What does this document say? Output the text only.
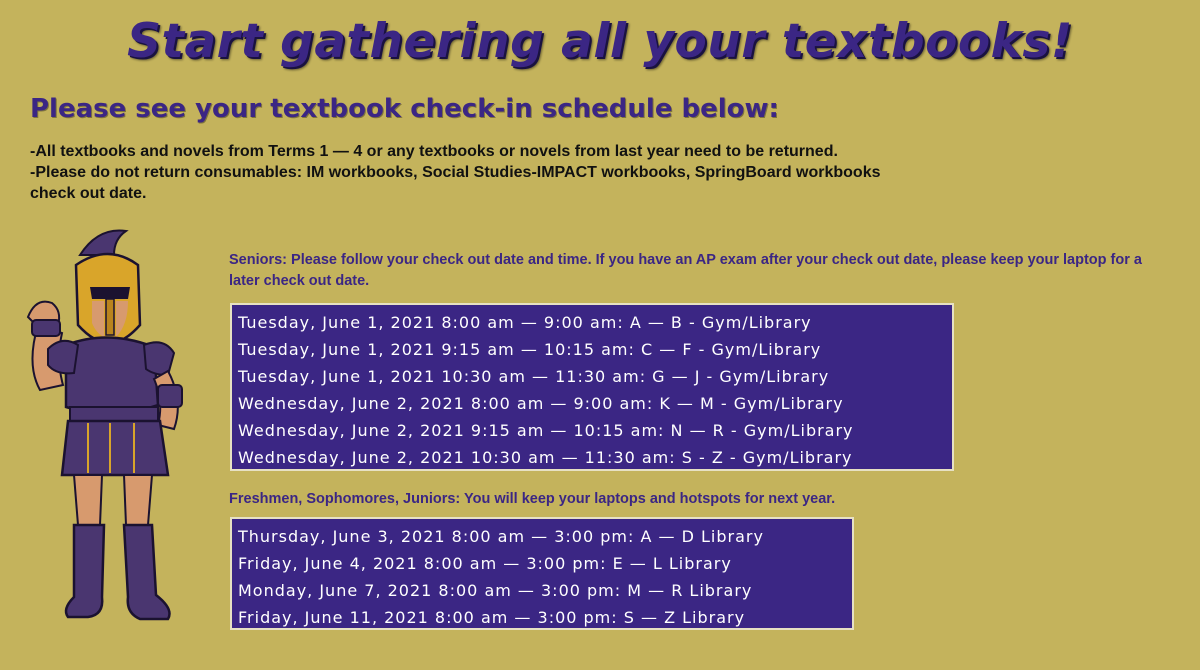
Start gathering all your textbooks!
Please see your textbook check-in schedule below:
-All textbooks and novels from Terms 1 — 4 or any textbooks or novels from last year need to be returned.
-Please do not return consumables: IM workbooks, Social Studies-IMPACT workbooks, SpringBoard workbooks
check out date.
Seniors: Please follow your check out date and time. If you have an AP exam after your check out date, please keep your laptop for a later check out date.
Tuesday, June 1, 2021 8:00 am — 9:00 am: A — B - Gym/Library
Tuesday, June 1, 2021 9:15 am — 10:15 am: C — F - Gym/Library
Tuesday, June 1, 2021 10:30 am — 11:30 am: G — J - Gym/Library
Wednesday, June 2, 2021 8:00 am — 9:00 am: K — M - Gym/Library
Wednesday, June 2, 2021 9:15 am — 10:15 am: N — R - Gym/Library
Wednesday, June 2, 2021 10:30 am — 11:30 am: S - Z - Gym/Library
Freshmen, Sophomores, Juniors: You will keep your laptops and hotspots for next year.
Thursday, June 3, 2021 8:00 am — 3:00 pm: A — D Library
Friday, June 4, 2021 8:00 am — 3:00 pm: E — L Library
Monday, June 7, 2021 8:00 am — 3:00 pm: M — R Library
Friday, June 11, 2021 8:00 am — 3:00 pm: S — Z Library
